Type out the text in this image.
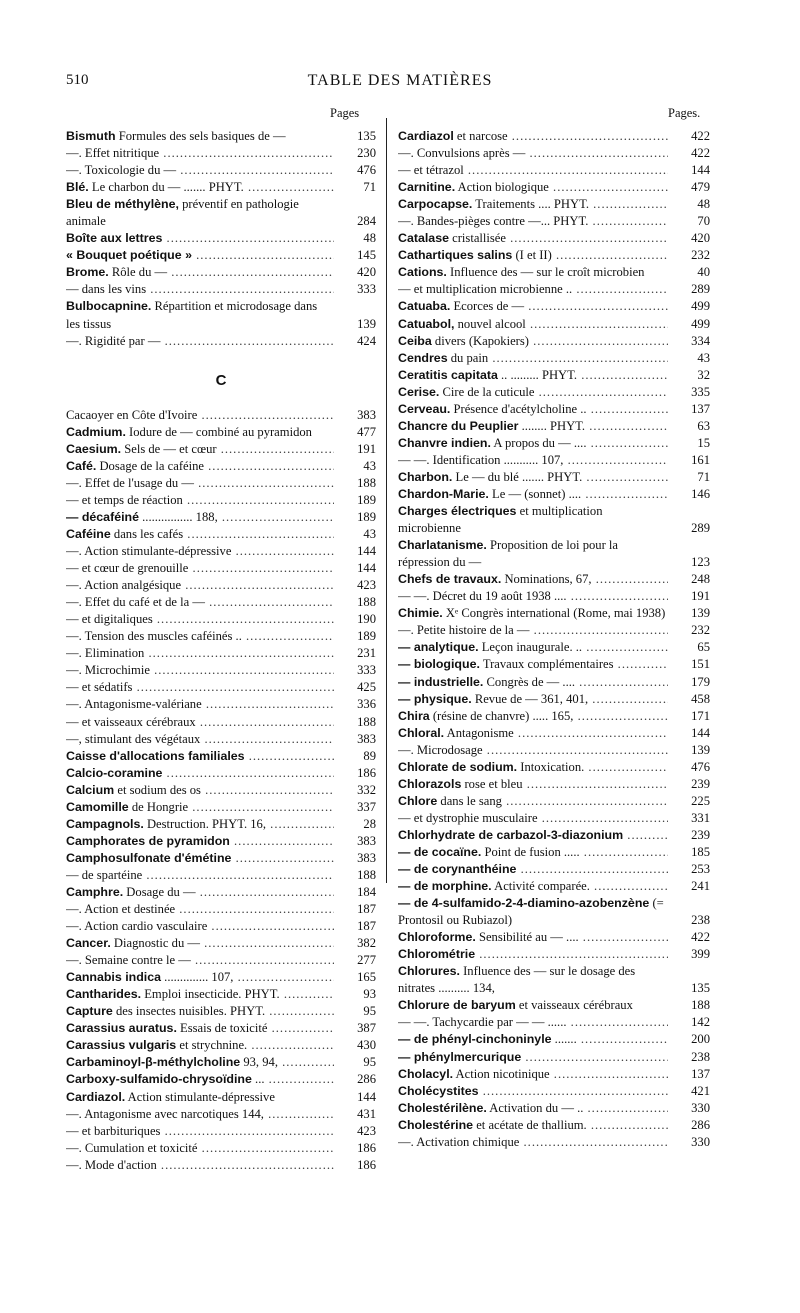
510	TABLE DES MATIÈRES
Pages	Pages.
Bismuth Formules des sels basiques de —	135
—. Effet nitritique .....	230
—. Toxicologie du — .....	476
Blé. Le charbon du — ....... PHYT. .....	71
Bleu de méthylène, préventif en pathologie animale	284
Boîte aux lettres .....	48
« Bouquet poétique » .....	145
Brome. Rôle du — .....	420
— dans les vins .....	333
Bulbocapnine. Répartition et microdosage dans les tissus	139
—. Rigidité par — .....	424
C
Cacaoyer en Côte d'Ivoire .....	383
Cadmium. Iodure de — combiné au pyramidon	477
Caesium. Sels de — et cœur .....	191
Café. Dosage de la caféine .....	43
—. Effet de l'usage du — .....	188
— et temps de réaction .....	189
— décaféiné ................ 188, .....	189
Caféine dans les cafés .....	43
—. Action stimulante-dépressive .....	144
— et cœur de grenouille .....	144
—. Action analgésique .....	423
—. Effet du café et de la — .....	188
— et digitaliques .....	190
—. Tension des muscles caféinés .. .....	189
—. Elimination .....	231
—. Microchimie .....	333
— et sédatifs .....	425
—. Antagonisme-valériane .....	336
— et vaisseaux cérébraux .....	188
—, stimulant des végétaux .....	383
Caisse d'allocations familiales .....	89
Calcio-coramine .....	186
Calcium et sodium des os .....	332
Camomille de Hongrie .....	337
Campagnols. Destruction. PHYT. 16, .....	28
Camphorates de pyramidon .....	383
Camphosulfonate d'émétine .....	383
— de spartéine .....	188
Camphre. Dosage du — .....	184
—. Action et destinée .....	187
—. Action cardio vasculaire .....	187
Cancer. Diagnostic du — .....	382
—. Semaine contre le — .....	277
Cannabis indica .............. 107, .....	165
Cantharides. Emploi insecticide. PHYT. .....	93
Capture des insectes nuisibles. PHYT. .....	95
Carassius auratus. Essais de toxicité .....	387
Carassius vulgaris et strychnine. .....	430
Carbaminoyl-β-méthylcholine 93, 94, .....	95
Carboxy-sulfamido-chrysoïdine ... .....	286
Cardiazol. Action stimulante-dépressive	144
—. Antagonisme avec narcotiques 144, .....	431
— et barbituriques .....	423
—. Cumulation et toxicité .....	186
—. Mode d'action .....	186
Cardiazol et narcose .....	422
—. Convulsions après — .....	422
— et tétrazol .....	144
Carnitine. Action biologique .....	479
Carpocapse. Traitements .... PHYT. .....	48
—. Bandes-pièges contre —... PHYT. .....	70
Catalase cristallisée .....	420
Cathartiques salins (I et II) .....	232
Cations. Influence des — sur le croît microbien	40
— et multiplication microbienne .. .....	289
Catuaba. Ecorces de — .....	499
Catuabol, nouvel alcool .....	499
Ceiba divers (Kapokiers) .....	334
Cendres du pain .....	43
Ceratitis capitata .. ......... PHYT. .....	32
Cerise. Cire de la cuticule .....	335
Cerveau. Présence d'acétylcholine .. .....	137
Chancre du Peuplier ........ PHYT. .....	63
Chanvre indien. A propos du — .... .....	15
— —. Identification ........... 107, .....	161
Charbon. Le — du blé ....... PHYT. .....	71
Chardon-Marie. Le — (sonnet) .... .....	146
Charges électriques et multiplication microbienne	289
Charlatanisme. Proposition de loi pour la répression du —	123
Chefs de travaux. Nominations, 67, .....	248
— —. Décret du 19 août 1938 .... .....	191
Chimie. Xᵉ Congrès international (Rome, mai 1938)	139
—. Petite histoire de la — .....	232
— analytique. Leçon inaugurale. .. .....	65
— biologique. Travaux complémentaires .....	151
— industrielle. Congrès de — .... .....	179
— physique. Revue de — 361, 401, .....	458
Chira (résine de chanvre) ..... 165, .....	171
Chloral. Antagonisme .....	144
—. Microdosage .....	139
Chlorate de sodium. Intoxication. .....	476
Chlorazols rose et bleu .....	239
Chlore dans le sang .....	225
— et dystrophie musculaire .....	331
Chlorhydrate de carbazol-3-diazonium .....	239
— de cocaïne. Point de fusion ..... .....	185
— de corynanthéine .....	253
— de morphine. Activité comparée. .....	241
— de 4-sulfamido-2-4-diamino-azobenzène (= Prontosil ou Rubiazol)	238
Chloroforme. Sensibilité au — .... .....	422
Chlorométrie .....	399
Chlorures. Influence des — sur le dosage des nitrates .......... 134,	135
Chlorure de baryum et vaisseaux cérébraux	188
— —. Tachycardie par — — ...... .....	142
— de phényl-cinchoninyle ....... .....	200
— phénylmercurique .....	238
Cholacyl. Action nicotinique .....	137
Cholécystites .....	421
Cholestérilène. Activation du — .. .....	330
Cholestérine et acétate de thallium. .....	286
—. Activation chimique .....	330
